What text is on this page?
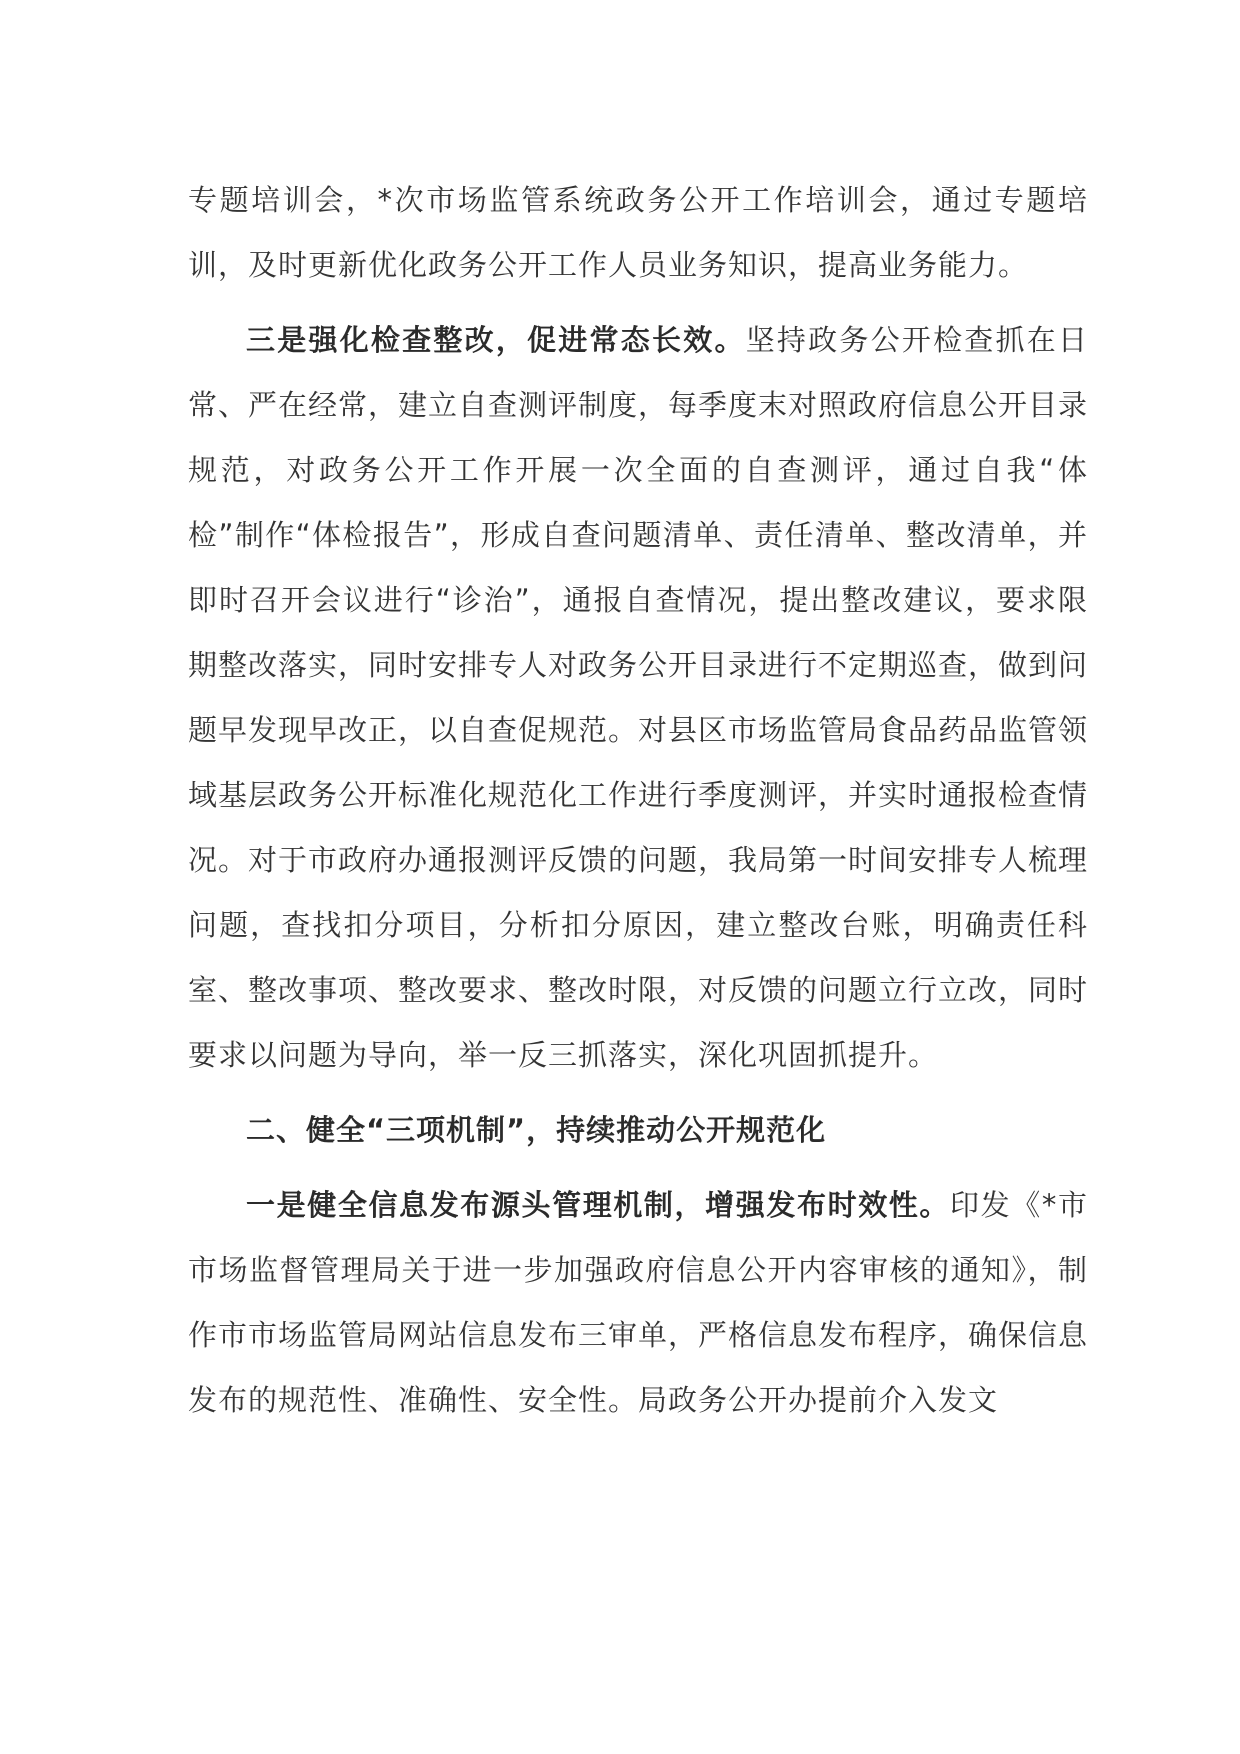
专题培训会，*次市场监管系统政务公开工作培训会，通过专题培训，及时更新优化政务公开工作人员业务知识，提高业务能力。

三是强化检查整改，促进常态长效。坚持政务公开检查抓在日常、严在经常，建立自查测评制度，每季度末对照政府信息公开目录规范，对政务公开工作开展一次全面的自查测评，通过自我“体检”制作“体检报告”，形成自查问题清单、责任清单、整改清单，并即时召开会议进行“诊治”，通报自查情况，提出整改建议，要求限期整改落实，同时安排专人对政务公开目录进行不定期巡查，做到问题早发现早改正，以自查促规范。对县区市场监管局食品药品监管领域基层政务公开标准化规范化工作进行季度测评，并实时通报检查情况。对于市政府办通报测评反馈的问题，我局第一时间安排专人梳理问题，查找扣分项目，分析扣分原因，建立整改台账，明确责任科室、整改事项、整改要求、整改时限，对反馈的问题立行立改，同时要求以问题为导向，举一反三抓落实，深化巩固抓提升。

二、健全“三项机制”，持续推动公开规范化

一是健全信息发布源头管理机制，增强发布时效性。印发《*市市场监督管理局关于进一步加强政府信息公开内容审核的通知》，制作市市场监管局网站信息发布三审单，严格信息发布程序，确保信息发布的规范性、准确性、安全性。局政务公开办提前介入发文
